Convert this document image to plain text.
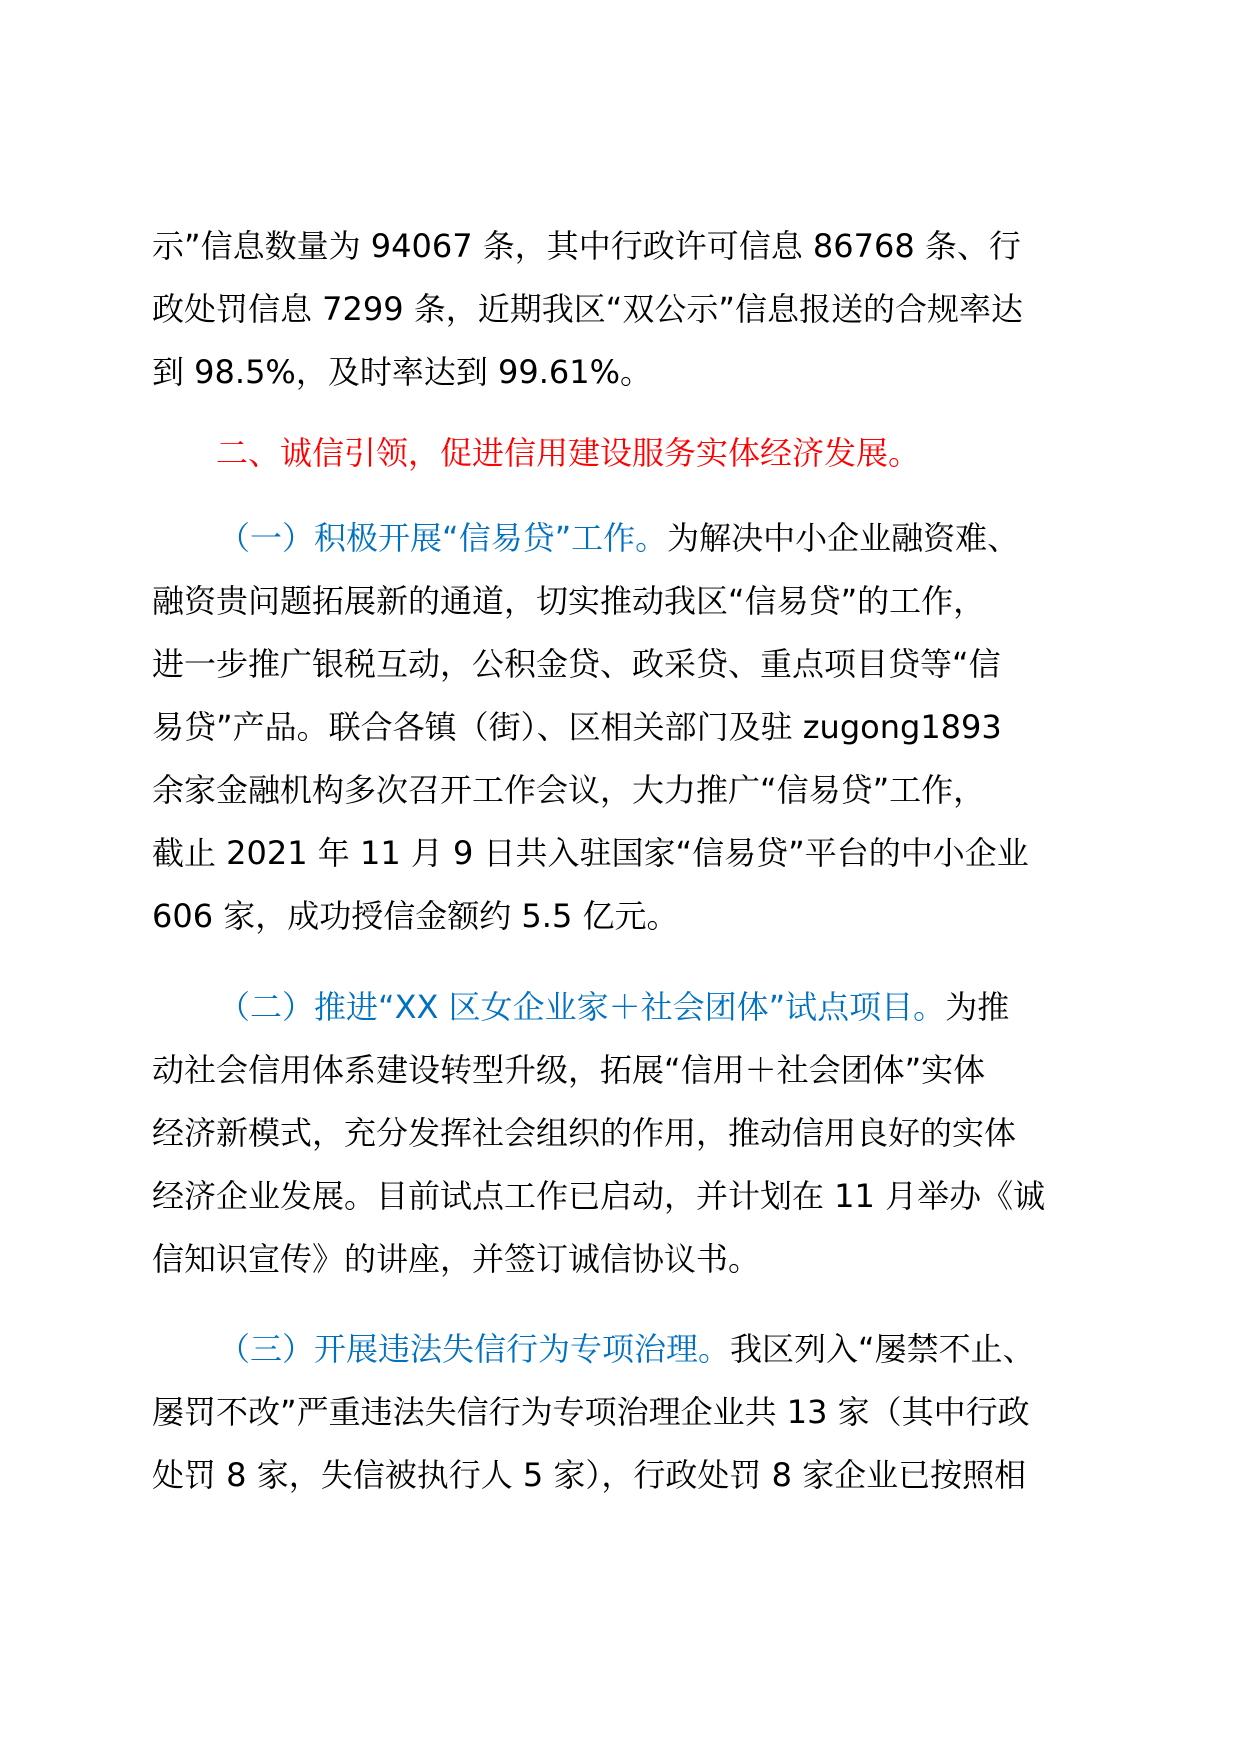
示”信息数量为 94067 条，其中行政许可信息 86768 条、行
政处罚信息 7299 条，近期我区“双公示”信息报送的合规率达
到 98.5%，及时率达到 99.61%。
二、诚信引领，促进信用建设服务实体经济发展。
（一）积极开展“信易贷”工作。为解决中小企业融资难、
融资贵问题拓展新的通道，切实推动我区“信易贷”的工作，
进一步推广银税互动，公积金贷、政采贷、重点项目贷等“信
易贷”产品。联合各镇（街）、区相关部门及驻 zugong1893
余家金融机构多次召开工作会议，大力推广“信易贷”工作，
截止 2021 年 11 月 9 日共入驻国家“信易贷”平台的中小企业
606 家，成功授信金额约 5.5 亿元。
（二）推进“XX 区女企业家＋社会团体”试点项目。为推
动社会信用体系建设转型升级，拓展“信用＋社会团体”实体
经济新模式，充分发挥社会组织的作用，推动信用良好的实体
经济企业发展。目前试点工作已启动，并计划在 11 月举办《诚
信知识宣传》的讲座，并签订诚信协议书。
（三）开展违法失信行为专项治理。我区列入“屡禁不止、
屡罚不改”严重违法失信行为专项治理企业共 13 家（其中行政
处罚 8 家，失信被执行人 5 家），行政处罚 8 家企业已按照相
